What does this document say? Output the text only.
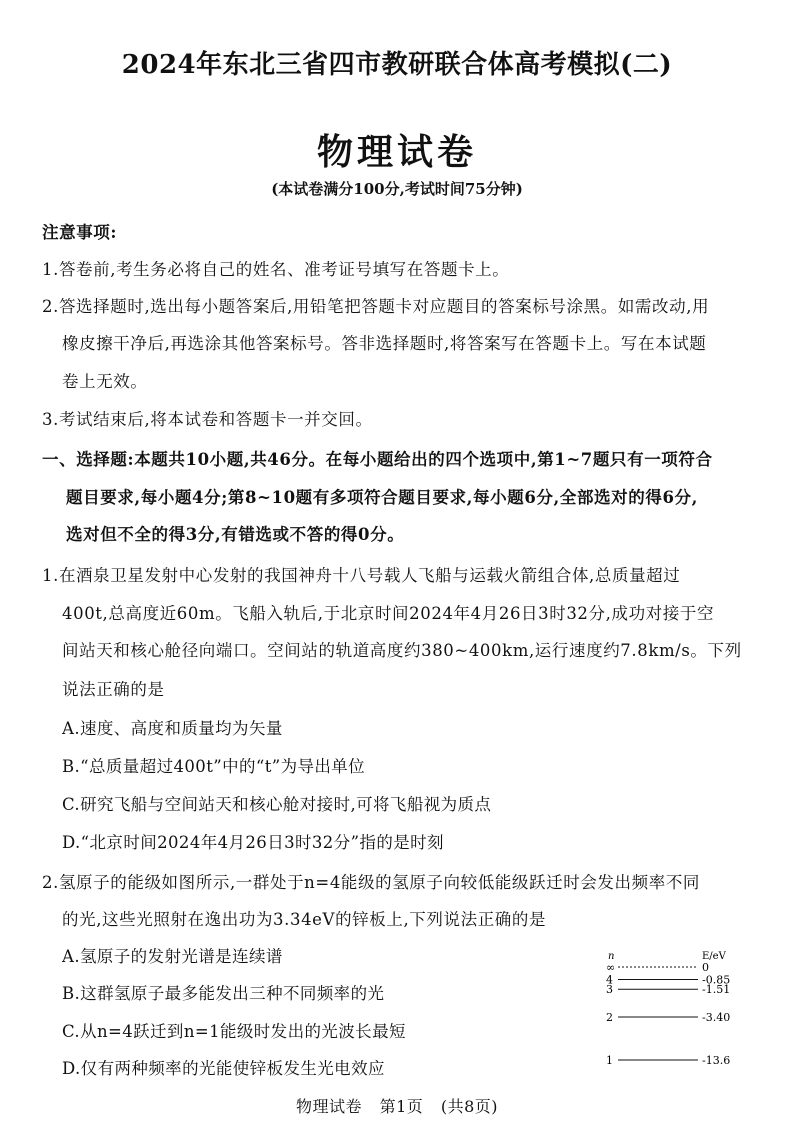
2024年东北三省四市教研联合体高考模拟(二)
物理试卷
(本试卷满分100分,考试时间75分钟)
注意事项:
1.答卷前,考生务必将自己的姓名、准考证号填写在答题卡上。
2.答选择题时,选出每小题答案后,用铅笔把答题卡对应题目的答案标号涂黑。如需改动,用
橡皮擦干净后,再选涂其他答案标号。答非选择题时,将答案写在答题卡上。写在本试题
卷上无效。
3.考试结束后,将本试卷和答题卡一并交回。
一、选择题:本题共10小题,共46分。在每小题给出的四个选项中,第1~7题只有一项符合
题目要求,每小题4分;第8~10题有多项符合题目要求,每小题6分,全部选对的得6分,
选对但不全的得3分,有错选或不答的得0分。
1.在酒泉卫星发射中心发射的我国神舟十八号载人飞船与运载火箭组合体,总质量超过
400t,总高度近60m。飞船入轨后,于北京时间2024年4月26日3时32分,成功对接于空
间站天和核心舱径向端口。空间站的轨道高度约380~400km,运行速度约7.8km/s。下列
说法正确的是
A.速度、高度和质量均为矢量
B.“总质量超过400t”中的“t”为导出单位
C.研究飞船与空间站天和核心舱对接时,可将飞船视为质点
D.“北京时间2024年4月26日3时32分”指的是时刻
2.氢原子的能级如图所示,一群处于n=4能级的氢原子向较低能级跃迁时会发出频率不同
的光,这些光照射在逸出功为3.34eV的锌板上,下列说法正确的是
A.氢原子的发射光谱是连续谱
B.这群氢原子最多能发出三种不同频率的光
C.从n=4跃迁到n=1能级时发出的光波长最短
D.仅有两种频率的光能使锌板发生光电效应
n	E/eV
∞	0
4	-0.85
3	-1.51
2	-3.40
1	-13.6
物理试卷 第1页 (共8页)
